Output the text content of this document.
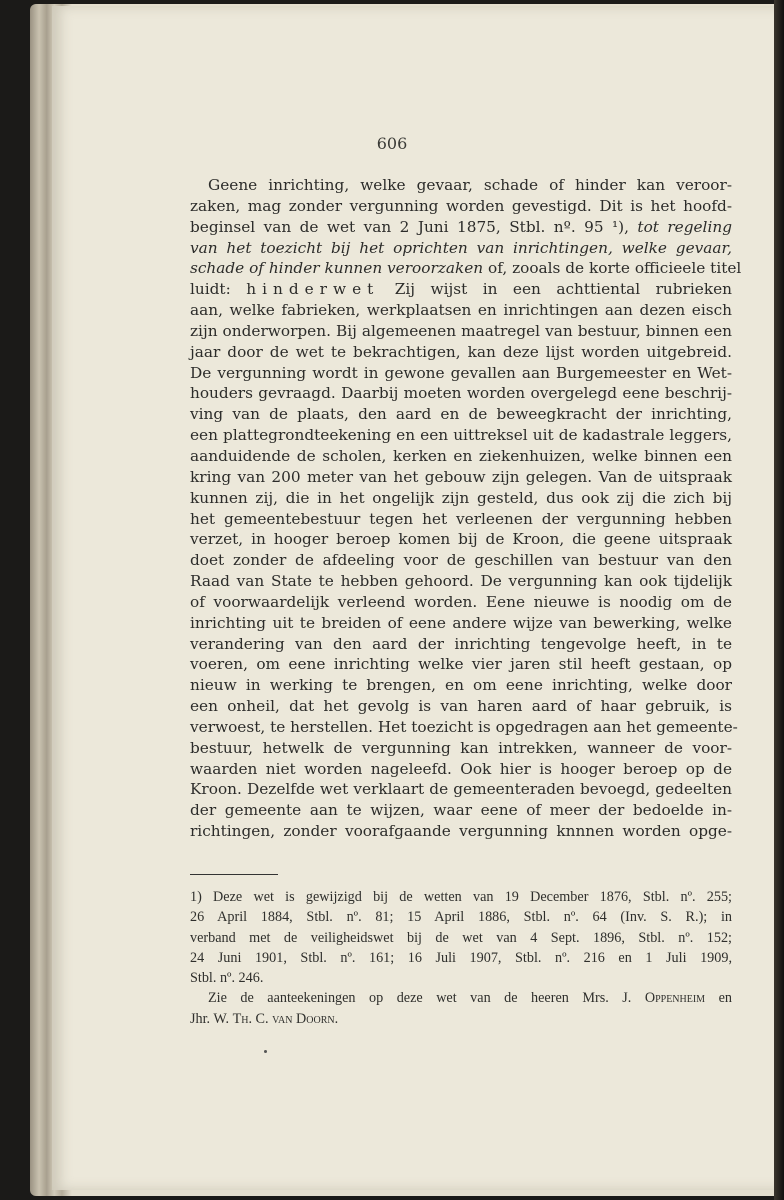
606

Geene inrichting, welke gevaar, schade of hinder kan veroor-
zaken, mag zonder vergunning worden gevestigd. Dit is het hoofd-
beginsel van de wet van 2 Juni 1875, Stbl. nº. 95 ¹), tot regeling
van het toezicht bij het oprichten van inrichtingen, welke gevaar,
schade of hinder kunnen veroorzaken of, zooals de korte officieele titel
luidt: hinderwet Zij wijst in een achttiental rubrieken
aan, welke fabrieken, werkplaatsen en inrichtingen aan dezen eisch
zijn onderworpen. Bij algemeenen maatregel van bestuur, binnen een
jaar door de wet te bekrachtigen, kan deze lijst worden uitgebreid.
De vergunning wordt in gewone gevallen aan Burgemeester en Wet-
houders gevraagd. Daarbij moeten worden overgelegd eene beschrij-
ving van de plaats, den aard en de beweegkracht der inrichting,
een plattegrondteekening en een uittreksel uit de kadastrale leggers,
aanduidende de scholen, kerken en ziekenhuizen, welke binnen een
kring van 200 meter van het gebouw zijn gelegen. Van de uitspraak
kunnen zij, die in het ongelijk zijn gesteld, dus ook zij die zich bij
het gemeentebestuur tegen het verleenen der vergunning hebben
verzet, in hooger beroep komen bij de Kroon, die geene uitspraak
doet zonder de afdeeling voor de geschillen van bestuur van den
Raad van State te hebben gehoord. De vergunning kan ook tijdelijk
of voorwaardelijk verleend worden. Eene nieuwe is noodig om de
inrichting uit te breiden of eene andere wijze van bewerking, welke
verandering van den aard der inrichting tengevolge heeft, in te
voeren, om eene inrichting welke vier jaren stil heeft gestaan, op
nieuw in werking te brengen, en om eene inrichting, welke door
een onheil, dat het gevolg is van haren aard of haar gebruik, is
verwoest, te herstellen. Het toezicht is opgedragen aan het gemeente-
bestuur, hetwelk de vergunning kan intrekken, wanneer de voor-
waarden niet worden nageleefd. Ook hier is hooger beroep op de
Kroon. Dezelfde wet verklaart de gemeenteraden bevoegd, gedeelten
der gemeente aan te wijzen, waar eene of meer der bedoelde in-
richtingen, zonder voorafgaande vergunning knnnen worden opge-
1) Deze wet is gewijzigd bij de wetten van 19 December 1876, Stbl. nº. 255;
26 April 1884, Stbl. nº. 81; 15 April 1886, Stbl. nº. 64 (Inv. S. R.); in
verband met de veiligheidswet bij de wet van 4 Sept. 1896, Stbl. nº. 152;
24 Juni 1901, Stbl. nº. 161; 16 Juli 1907, Stbl. nº. 216 en 1 Juli 1909,
Stbl. nº. 246.
Zie de aanteekeningen op deze wet van de heeren Mrs. J. Oppenheim en
Jhr. W. Th. C. van Doorn.
